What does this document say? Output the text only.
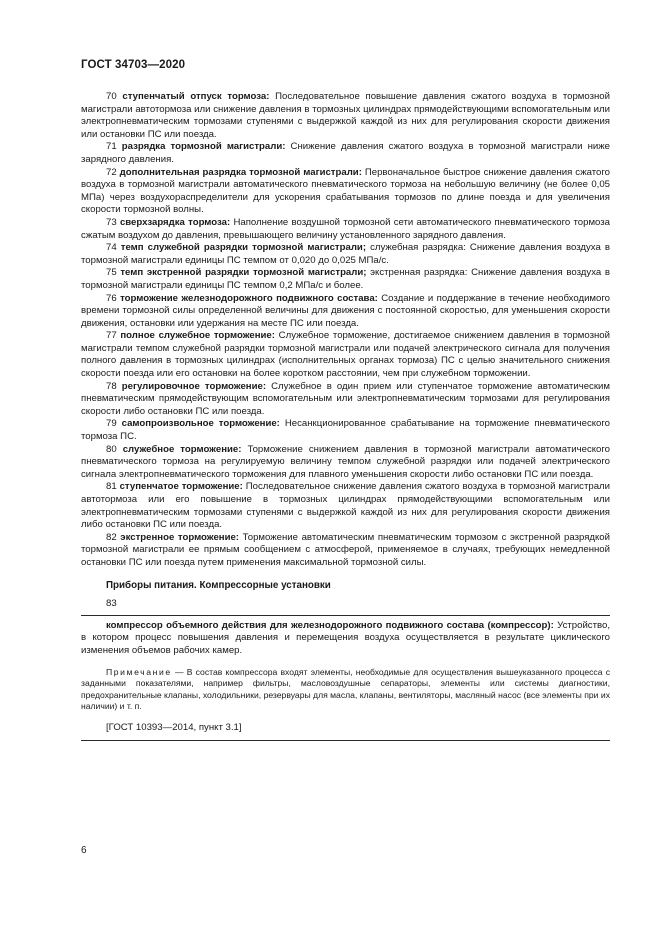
ГОСТ 34703—2020

70 ступенчатый отпуск тормоза: Последовательное повышение давления сжатого воздуха в тормозной магистрали автотормоза или снижение давления в тормозных цилиндрах прямодействующими вспомогательным или электропневматическим тормозами ступенями с выдержкой каждой из них для регулирования скорости движения или остановки ПС или поезда.

71 разрядка тормозной магистрали: Снижение давления сжатого воздуха в тормозной магистрали ниже зарядного давления.

72 дополнительная разрядка тормозной магистрали: Первоначальное быстрое снижение давления сжатого воздуха в тормозной магистрали автоматического пневматического тормоза на небольшую величину (не более 0,05 МПа) через воздухораспределители для ускорения срабатывания тормозов по длине поезда и для увеличения скорости тормозной волны.

73 сверхзарядка тормоза: Наполнение воздушной тормозной сети автоматического пневматического тормоза сжатым воздухом до давления, превышающего величину установленного зарядного давления.

74 темп служебной разрядки тормозной магистрали; служебная разрядка: Снижение давления воздуха в тормозной магистрали единицы ПС темпом от 0,020 до 0,025 МПа/с.

75 темп экстренной разрядки тормозной магистрали; экстренная разрядка: Снижение давления воздуха в тормозной магистрали единицы ПС темпом 0,2 МПа/с и более.

76 торможение железнодорожного подвижного состава: Создание и поддержание в течение необходимого времени тормозной силы определенной величины для движения с постоянной скоростью, для уменьшения скорости движения, остановки или удержания на месте ПС или поезда.

77 полное служебное торможение: Служебное торможение, достигаемое снижением давления в тормозной магистрали темпом служебной разрядки тормозной магистрали или подачей электрического сигнала для получения полного давления в тормозных цилиндрах (исполнительных органах тормоза) ПС с целью значительного снижения скорости поезда или его остановки на более коротком расстоянии, чем при служебном торможении.

78 регулировочное торможение: Служебное в один прием или ступенчатое торможение автоматическим пневматическим прямодействующим вспомогательным или электропневматическим тормозами для регулирования скорости либо остановки ПС или поезда.

79 самопроизвольное торможение: Несанкционированное срабатывание на торможение пневматического тормоза ПС.

80 служебное торможение: Торможение снижением давления в тормозной магистрали автоматического пневматического тормоза на регулируемую величину темпом служебной разрядки или подачей электрического сигнала электропневматического торможения для плавного уменьшения скорости либо остановки ПС или поезда.

81 ступенчатое торможение: Последовательное снижение давления сжатого воздуха в тормозной магистрали автотормоза или его повышение в тормозных цилиндрах прямодействующими вспомогательным или электропневматическим тормозами ступенями с выдержкой каждой из них для регулирования скорости движения либо остановки ПС или поезда.

82 экстренное торможение: Торможение автоматическим пневматическим тормозом с экстренной разрядкой тормозной магистрали ее прямым сообщением с атмосферой, применяемое в случаях, требующих немедленной остановки ПС или поезда путем применения максимальной тормозной силы.

Приборы питания. Компрессорные установки

83

компрессор объемного действия для железнодорожного подвижного состава (компрессор): Устройство, в котором процесс повышения давления и перемещения воздуха осуществляется в результате циклического изменения объемов рабочих камер.

Примечание — В состав компрессора входят элементы, необходимые для осуществления вышеуказанного процесса с заданными показателями, например фильтры, масловоздушные сепараторы, элементы или системы диагностики, предохранительные клапаны, холодильники, резервуары для масла, клапаны, вентиляторы, масляный насос (все элементы при их наличии) и т. п.

[ГОСТ 10393—2014, пункт 3.1]

6
